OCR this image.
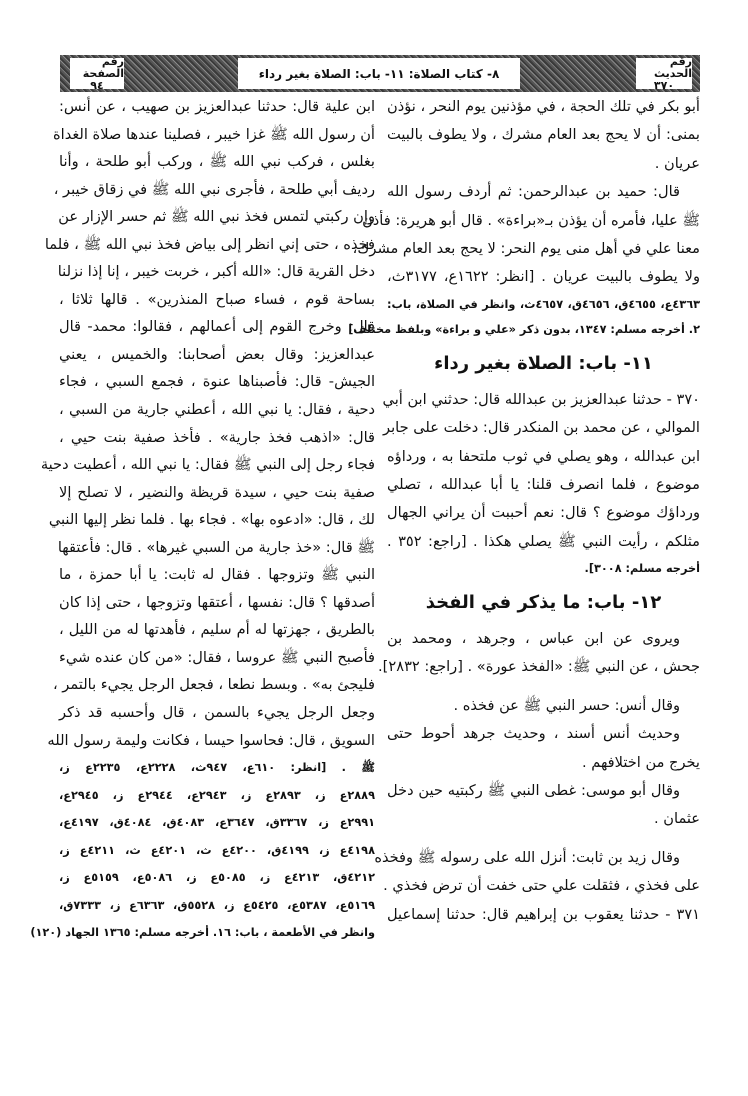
رقم الحديث
٣٧٠
٨- كتاب الصلاة: ١١- باب: الصلاة بغير رداء
رقم الصفحة
٩٤
أبو بكر في تلك الحجة ، في مؤذنين يوم النحر ، نؤذن
بمنى: أن لا يحج بعد العام مشرك ، ولا يطوف بالبيت
عريان .
قال: حميد بن عبدالرحمن: ثم أردف رسول الله
ﷺ عليا، فأمره أن يؤذن بـ«براءة» . قال أبو هريرة: فأذن
معنا علي في أهل منى يوم النحر: لا يحج بعد العام مشرك،
ولا يطوف بالبيت عريان . [انظر: ١٦٢٢ع، ٣١٧٧ث،
٤٣٦٣ع، ٤٦٥٥ق، ٤٦٥٦ق، ٤٦٥٧ث، وانظر في الصلاة، باب:
٢. أخرجه مسلم: ١٣٤٧، بدون ذكر «علي و براءة» وبلفظ مختلف]
١١- باب: الصلاة بغير رداء
٣٧٠ - حدثنا عبدالعزيز بن عبدالله قال: حدثني ابن أبي
الموالي ، عن محمد بن المنكدر قال: دخلت على جابر
ابن عبدالله ، وهو يصلي في ثوب ملتحفا به ، ورداؤه
موضوع ، فلما انصرف قلنا: يا أبا عبدالله ، تصلي
ورداؤك موضوع ؟ قال: نعم أحببت أن يراني الجهال
مثلكم ، رأيت النبي ﷺ يصلي هكذا . [راجع: ٣٥٢ .
أخرجه مسلم: ٣٠٠٨].
١٢- باب: ما يذكر في الفخذ
ويروى عن ابن عباس ، وجرهد ، ومحمد بن
جحش ، عن النبي ﷺ: «الفخذ عورة» . [راجع: ٢٨٣٢].
وقال أنس: حسر النبي ﷺ عن فخذه .
وحديث أنس أسند ، وحديث جرهد أحوط حتى
يخرج من اختلافهم .
وقال أبو موسى: غطى النبي ﷺ ركبتيه حين دخل
عثمان .
وقال زيد بن ثابت: أنزل الله على رسوله ﷺ وفخذه
على فخذي ، فثقلت علي حتى خفت أن ترض فخذي .
٣٧١ - حدثنا يعقوب بن إبراهيم قال: حدثنا إسماعيل
ابن علية قال: حدثنا عبدالعزيز بن صهيب ، عن أنس:
أن رسول الله ﷺ غزا خيبر ، فصلينا عندها صلاة الغداة
بغلس ، فركب نبي الله ﷺ ، وركب أبو طلحة ، وأنا
رديف أبي طلحة ، فأجرى نبي الله ﷺ في زقاق خيبر ،
وإن ركبتي لتمس فخذ نبي الله ﷺ ثم حسر الإزار عن
فخذه ، حتى إني انظر إلى بياض فخذ نبي الله ﷺ ، فلما
دخل القرية قال: «الله أكبر ، خربت خيبر ، إنا إذا نزلنا
بساحة قوم ، فساء صباح المنذرين» . قالها ثلاثا ،
قال: وخرج القوم إلى أعمالهم ، فقالوا: محمد- قال
عبدالعزيز: وقال بعض أصحابنا: والخميس ، يعني
الجيش- قال: فأصبناها عنوة ، فجمع السبي ، فجاء
دحية ، فقال: يا نبي الله ، أعطني جارية من السبي ،
قال: «اذهب فخذ جارية» . فأخذ صفية بنت حيي ،
فجاء رجل إلى النبي ﷺ فقال: يا نبي الله ، أعطيت دحية
صفية بنت حيي ، سيدة قريظة والنضير ، لا تصلح إلا
لك ، قال: «ادعوه بها» . فجاء بها . فلما نظر إليها النبي
ﷺ قال: «خذ جارية من السبي غيرها» . قال: فأعتقها
النبي ﷺ وتزوجها . فقال له ثابت: يا أبا حمزة ، ما
أصدقها ؟ قال: نفسها ، أعتقها وتزوجها ، حتى إذا كان
بالطريق ، جهزتها له أم سليم ، فأهدتها له من الليل ،
فأصبح النبي ﷺ عروسا ، فقال: «من كان عنده شيء
فليجئ به» . وبسط نطعا ، فجعل الرجل يجيء بالتمر ،
وجعل الرجل يجيء بالسمن ، قال وأحسبه قد ذكر
السويق ، قال: فحاسوا حيسا ، فكانت وليمة رسول الله
ﷺ . [انظر: ٦١٠ع، ٩٤٧ث، ٢٢٢٨ع، ٢٢٣٥ع ز،
٢٨٨٩ع ز، ٢٨٩٣ع ز، ٢٩٤٣ع، ٢٩٤٤ع ز، ٢٩٤٥ع،
٢٩٩١ع ز، ٣٣٦٧ق، ٣٦٤٧ع، ٤٠٨٣ق، ٤٠٨٤ق، ٤١٩٧ع،
٤١٩٨ع ز، ٤١٩٩ق، ٤٢٠٠ع ث، ٤٢٠١ع ث، ٤٢١١ع ز،
٤٢١٢ق، ٤٢١٣ع ز، ٥٠٨٥ع ز، ٥٠٨٦ع، ٥١٥٩ع ز،
٥١٦٩ع، ٥٣٨٧ع، ٥٤٢٥ع ز، ٥٥٢٨ق، ٦٣٦٣ع ز، ٧٣٣٣ق،
وانظر في الأطعمة ، باب: ١٦. أخرجه مسلم: ١٣٦٥ الجهاد (١٢٠)
